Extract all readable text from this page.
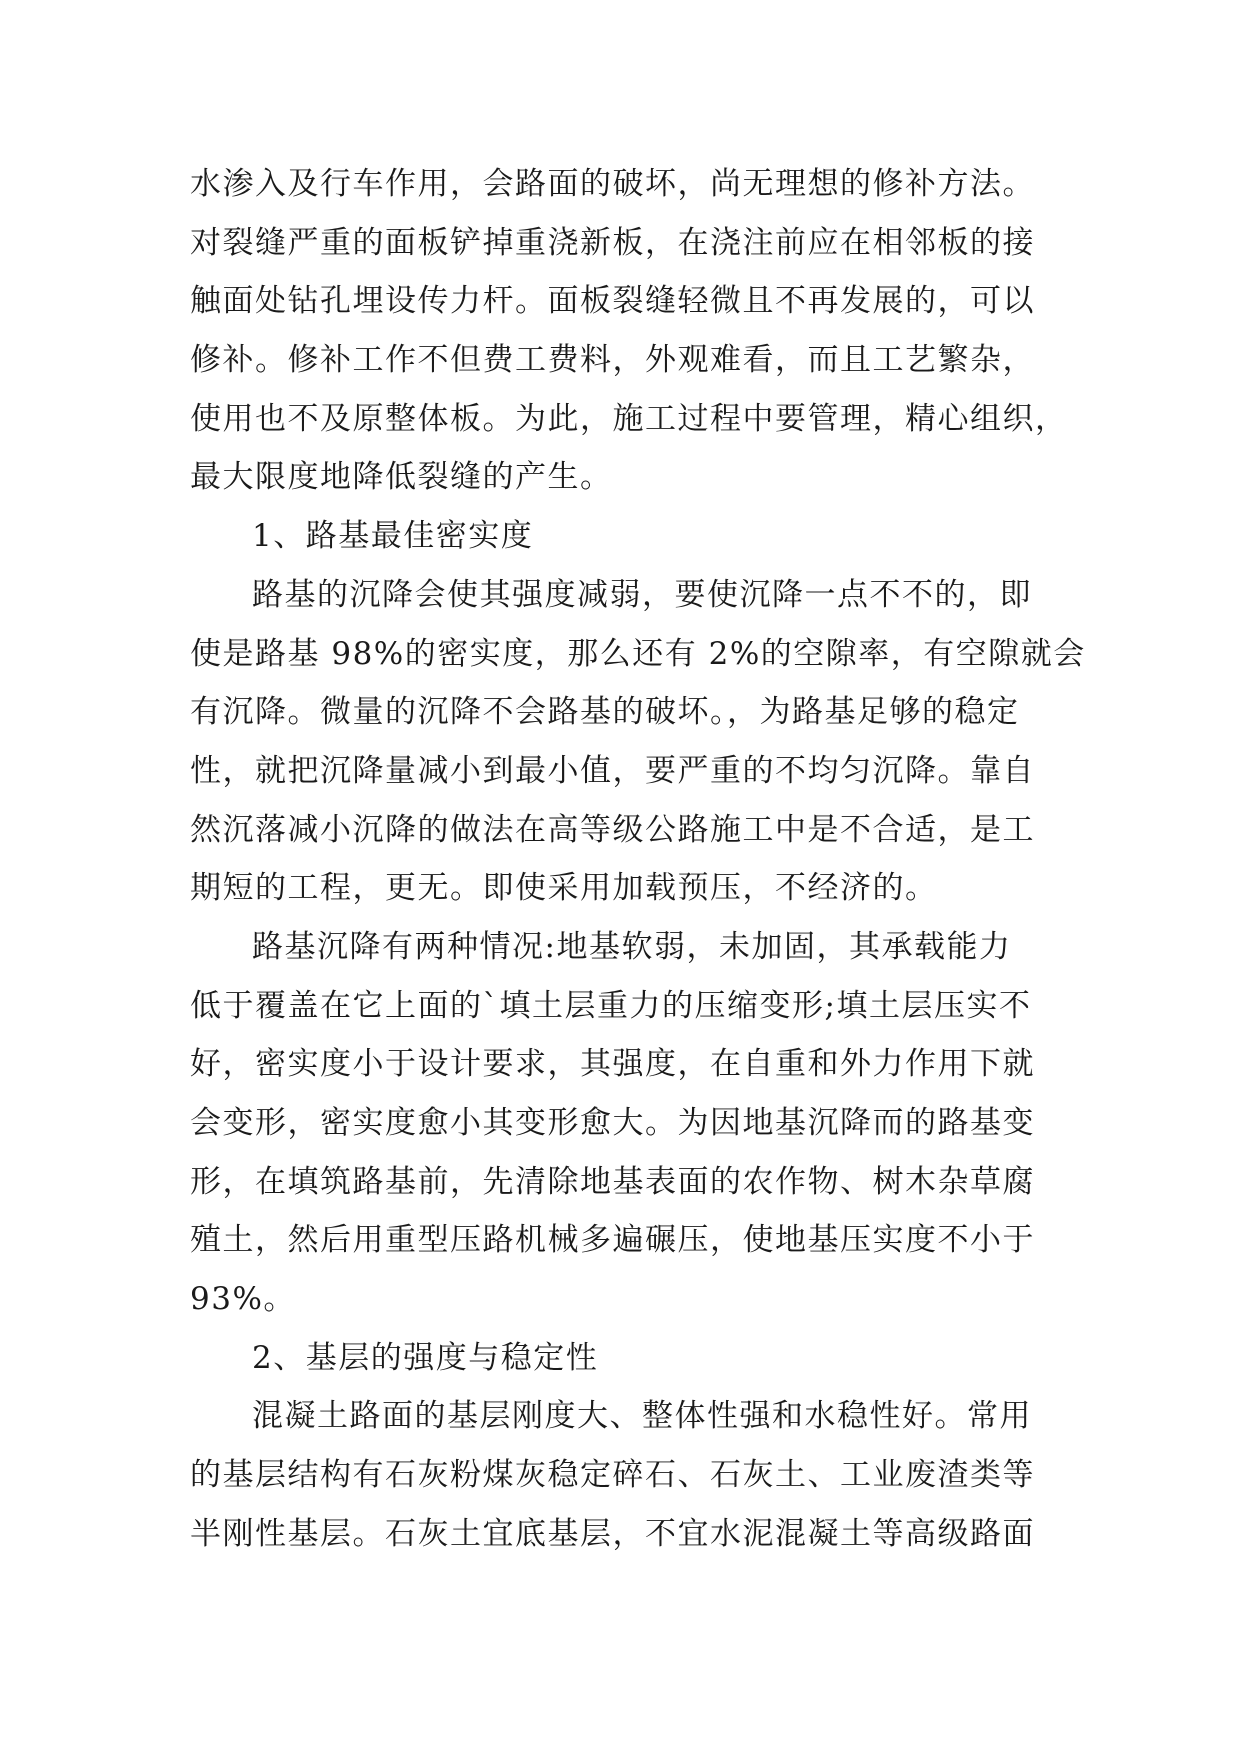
水渗入及行车作用，会路面的破坏，尚无理想的修补方法。
对裂缝严重的面板铲掉重浇新板，在浇注前应在相邻板的接
触面处钻孔埋设传力杆。面板裂缝轻微且不再发展的，可以
修补。修补工作不但费工费料，外观难看，而且工艺繁杂，
使用也不及原整体板。为此，施工过程中要管理，精心组织，
最大限度地降低裂缝的产生。
1、路基最佳密实度
路基的沉降会使其强度减弱，要使沉降一点不不的，即
使是路基 98%的密实度，那么还有 2%的空隙率，有空隙就会
有沉降。微量的沉降不会路基的破坏。，为路基足够的稳定
性，就把沉降量减小到最小值，要严重的不均匀沉降。靠自
然沉落减小沉降的做法在高等级公路施工中是不合适，是工
期短的工程，更无。即使采用加载预压，不经济的。
路基沉降有两种情况:地基软弱，未加固，其承载能力
低于覆盖在它上面的`填土层重力的压缩变形;填土层压实不
好，密实度小于设计要求，其强度，在自重和外力作用下就
会变形，密实度愈小其变形愈大。为因地基沉降而的路基变
形，在填筑路基前，先清除地基表面的农作物、树木杂草腐
殖土，然后用重型压路机械多遍碾压，使地基压实度不小于
93%。
2、基层的强度与稳定性
混凝土路面的基层刚度大、整体性强和水稳性好。常用
的基层结构有石灰粉煤灰稳定碎石、石灰土、工业废渣类等
半刚性基层。石灰土宜底基层，不宜水泥混凝土等高级路面
